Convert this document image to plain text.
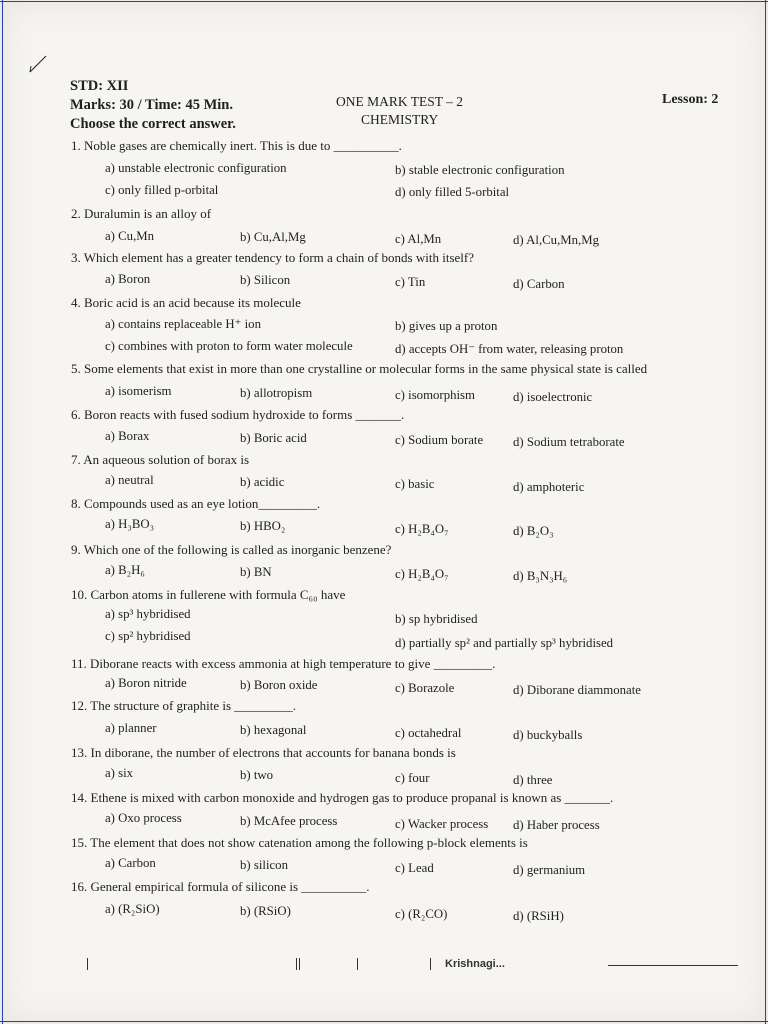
STD: XII
Marks: 30 / Time: 45 Min.
Choose the correct answer.
ONE MARK TEST – 2
CHEMISTRY
Lesson: 2
1. Noble gases are chemically inert. This is due to __________.
a) unstable electronic configuration	b) stable electronic configuration
c) only filled p-orbital	d) only filled 5-orbital
2. Duralumin is an alloy of
a) Cu,Mn	b) Cu,Al,Mg	c) Al,Mn	d) Al,Cu,Mn,Mg
3. Which element has a greater tendency to form a chain of bonds with itself?
a) Boron	b) Silicon	c) Tin	d) Carbon
4. Boric acid is an acid because its molecule
a) contains replaceable H⁺ ion	b) gives up a proton
c) combines with proton to form water molecule	d) accepts OH⁻ from water, releasing proton
5. Some elements that exist in more than one crystalline or molecular forms in the same physical state is called
a) isomerism	b) allotropism	c) isomorphism	d) isoelectronic
6. Boron reacts with fused sodium hydroxide to forms _______.
a) Borax	b) Boric acid	c) Sodium borate d) Sodium tetraborate
7. An aqueous solution of borax is
a) neutral	b) acidic	c) basic	d) amphoteric
8. Compounds used as an eye lotion_________.
a) H₃BO₃	b) HBO₂	c) H₂B₄O₇	d) B₂O₃
9. Which one of the following is called as inorganic benzene?
a) B₂H₆	b) BN	c) H₂B₄O₇	d) B₃N₃H₆
10. Carbon atoms in fullerene with formula C₆₀ have
a) sp³ hybridised	b) sp hybridised
c) sp² hybridised	d) partially sp² and partially sp³ hybridised
11. Diborane reacts with excess ammonia at high temperature to give _________.
a) Boron nitride	b) Boron oxide	c) Borazole	d) Diborane diammonate
12. The structure of graphite is _________.
a) planner	b) hexagonal	c) octahedral	d) buckyballs
13. In diborane, the number of electrons that accounts for banana bonds is
a) six	b) two	c) four	d) three
14. Ethene is mixed with carbon monoxide and hydrogen gas to produce propanal is known as _______.
a) Oxo process	b) McAfee process	c) Wacker process d) Haber process
15. The element that does not show catenation among the following p-block elements is
a) Carbon	b) silicon	c) Lead	d) germanium
16. General empirical formula of silicone is __________.
a) (R₂SiO)	b) (RSiO)	c) (R₂CO)	d) (RSiH)
Krishnagi...
